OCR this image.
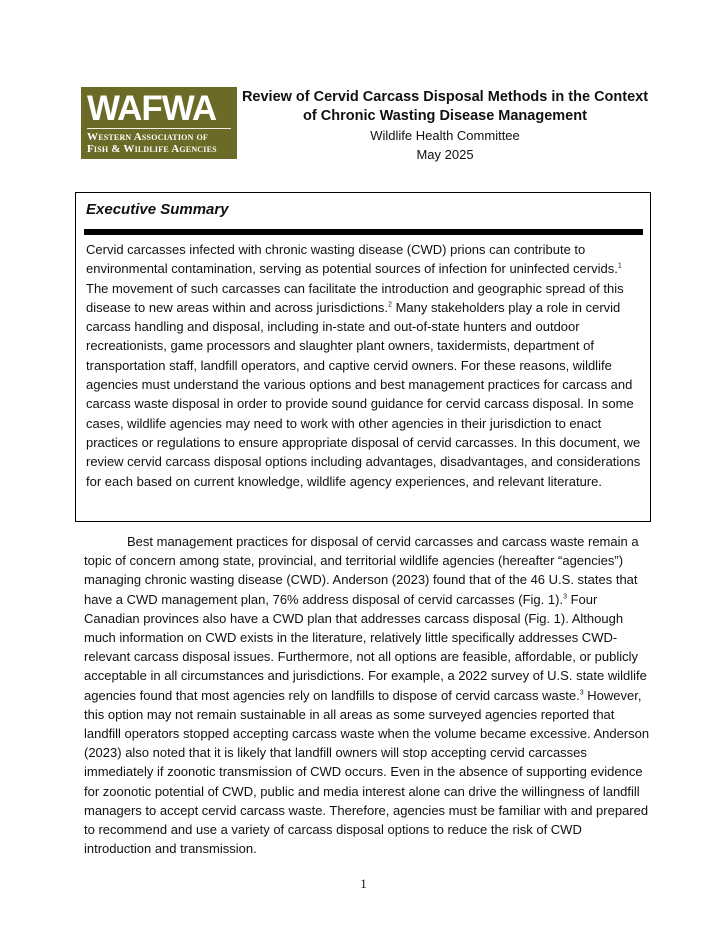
WAFWA
Western Association of
Fish & Wildlife Agencies
Review of Cervid Carcass Disposal Methods in the Context
of Chronic Wasting Disease Management
Wildlife Health Committee
May 2025
Executive Summary

Cervid carcasses infected with chronic wasting disease (CWD) prions can contribute to environmental contamination, serving as potential sources of infection for uninfected cervids.$^1$ The movement of such carcasses can facilitate the introduction and geographic spread of this disease to new areas within and across jurisdictions.$^2$ Many stakeholders play a role in cervid carcass handling and disposal, including in-state and out-of-state hunters and outdoor recreationists, game processors and slaughter plant owners, taxidermists, department of transportation staff, landfill operators, and captive cervid owners. For these reasons, wildlife agencies must understand the various options and best management practices for carcass and carcass waste disposal in order to provide sound guidance for cervid carcass disposal. In some cases, wildlife agencies may need to work with other agencies in their jurisdiction to enact practices or regulations to ensure appropriate disposal of cervid carcasses. In this document, we review cervid carcass disposal options including advantages, disadvantages, and considerations for each based on current knowledge, wildlife agency experiences, and relevant literature.

Best management practices for disposal of cervid carcasses and carcass waste remain a topic of concern among state, provincial, and territorial wildlife agencies (hereafter “agencies”) managing chronic wasting disease (CWD). Anderson (2023) found that of the 46 U.S. states that have a CWD management plan, 76% address disposal of cervid carcasses (Fig. 1).$^3$ Four Canadian provinces also have a CWD plan that addresses carcass disposal (Fig. 1). Although much information on CWD exists in the literature, relatively little specifically addresses CWD-relevant carcass disposal issues. Furthermore, not all options are feasible, affordable, or publicly acceptable in all circumstances and jurisdictions. For example, a 2022 survey of U.S. state wildlife agencies found that most agencies rely on landfills to dispose of cervid carcass waste.$^3$ However, this option may not remain sustainable in all areas as some surveyed agencies reported that landfill operators stopped accepting carcass waste when the volume became excessive. Anderson (2023) also noted that it is likely that landfill owners will stop accepting cervid carcasses immediately if zoonotic transmission of CWD occurs. Even in the absence of supporting evidence for zoonotic potential of CWD, public and media interest alone can drive the willingness of landfill managers to accept cervid carcass waste. Therefore, agencies must be familiar with and prepared to recommend and use a variety of carcass disposal options to reduce the risk of CWD introduction and transmission.

1
